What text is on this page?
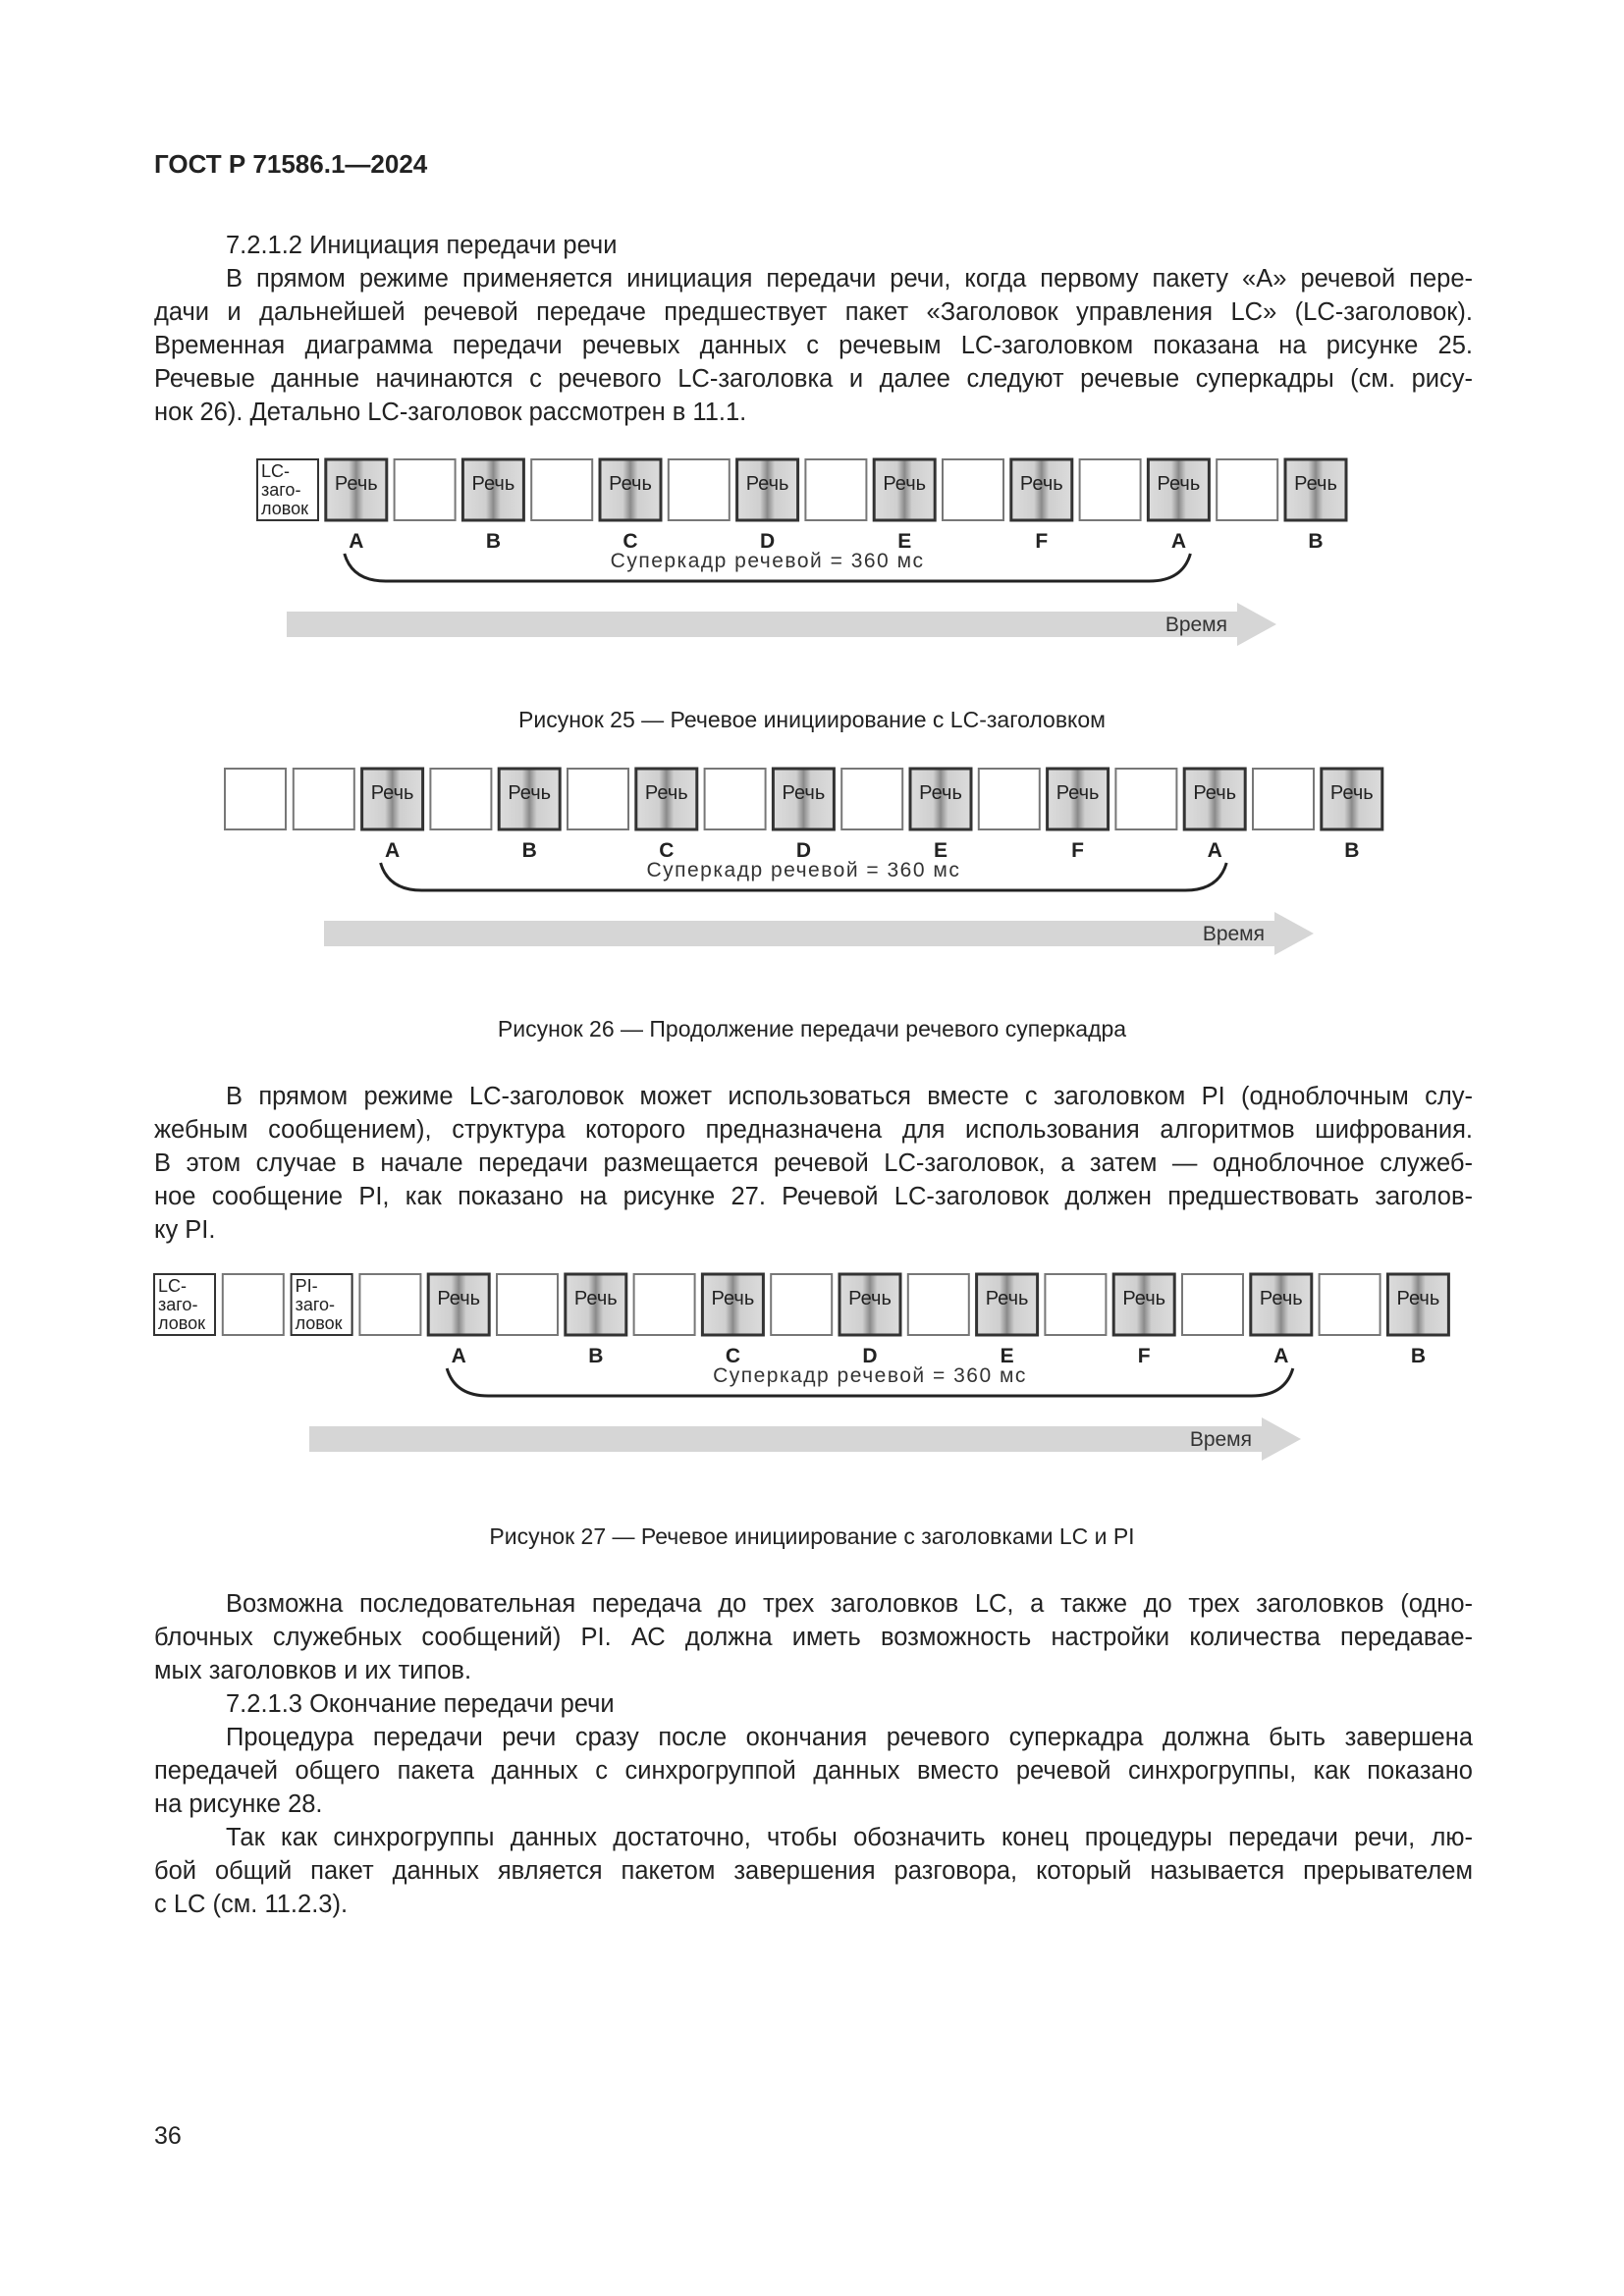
ГОСТ Р 71586.1—2024
7.2.1.2 Инициация передачи речи
В прямом режиме применяется инициация передачи речи, когда первому пакету «А» речевой пере-
дачи и дальнейшей речевой передаче предшествует пакет «Заголовок управления LC» (LC-заголовок).
Временная диаграмма передачи речевых данных с речевым LC-заголовком показана на рисунке 25.
Речевые данные начинаются с речевого LC-заголовка и далее следуют речевые суперкадры (см. рису-
нок 26). Детально LC-заголовок рассмотрен в 11.1.
LC-
заго-
ловок
Речь
A
Речь
B
Речь
C
Речь
D
Речь
E
Речь
F
Речь
A
Речь
B
Суперкадр речевой = 360 мс
Время
Рисунок 25 — Речевое инициирование с LC-заголовком
Речь
A
Речь
B
Речь
C
Речь
D
Речь
E
Речь
F
Речь
A
Речь
B
Суперкадр речевой = 360 мс
Время
Рисунок 26 — Продолжение передачи речевого суперкадра
В прямом режиме LC-заголовок может использоваться вместе с заголовком PI (одноблочным слу-
жебным сообщением), структура которого предназначена для использования алгоритмов шифрования.
В этом случае в начале передачи размещается речевой LC-заголовок, а затем — одноблочное служеб-
ное сообщение PI, как показано на рисунке 27. Речевой LC-заголовок должен предшествовать заголов-
ку PI.
LC-
заго-
ловок
PI-
заго-
ловок
Речь
A
Речь
B
Речь
C
Речь
D
Речь
E
Речь
F
Речь
A
Речь
B
Суперкадр речевой = 360 мс
Время
Рисунок 27 — Речевое инициирование с заголовками LC и PI
Возможна последовательная передача до трех заголовков LC, а также до трех заголовков (одно-
блочных служебных сообщений) PI. АС должна иметь возможность настройки количества передавае-
мых заголовков и их типов.
7.2.1.3 Окончание передачи речи
Процедура передачи речи сразу после окончания речевого суперкадра должна быть завершена
передачей общего пакета данных с синхрогруппой данных вместо речевой синхрогруппы, как показано
на рисунке 28.
Так как синхрогруппы данных достаточно, чтобы обозначить конец процедуры передачи речи, лю-
бой общий пакет данных является пакетом завершения разговора, который называется прерывателем
с LC (см. 11.2.3).
36
